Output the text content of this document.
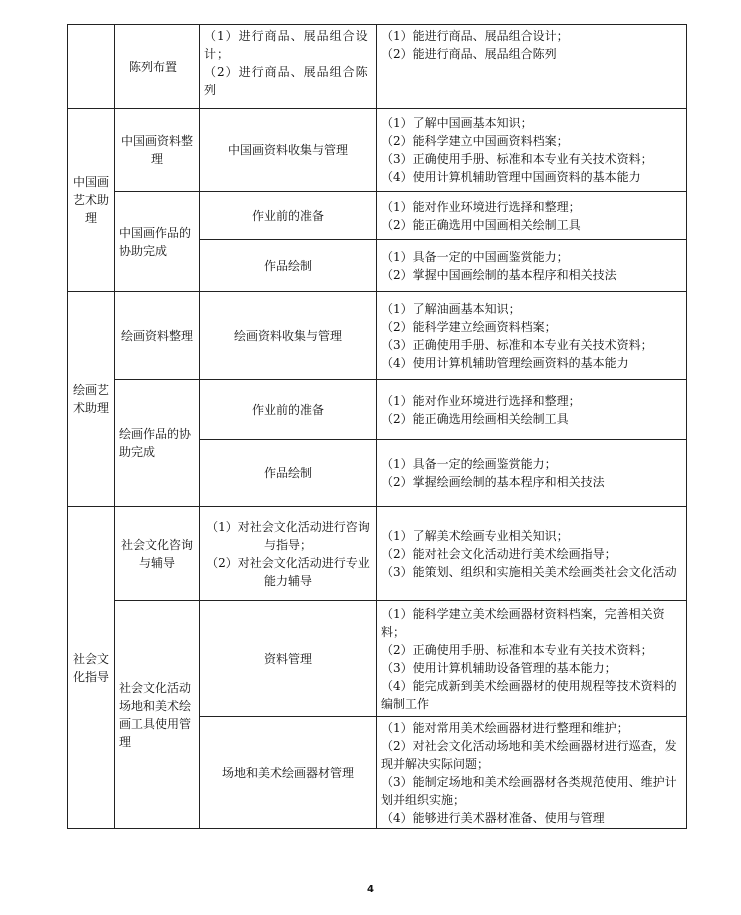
	陈列布置	（1）进行商品、展品组合设计；
（2）进行商品、展品组合陈列	（1）能进行商品、展品组合设计；
（2）能进行商品、展品组合陈列

中国画艺术助理	中国画资料整理	中国画资料收集与管理	（1）了解中国画基本知识；
（2）能科学建立中国画资料档案；
（3）正确使用手册、标准和本专业有关技术资料；
（4）使用计算机辅助管理中国画资料的基本能力

	中国画作品的协助完成	作业前的准备	（1）能对作业环境进行选择和整理；
（2）能正确选用中国画相关绘制工具

		作品绘制	（1）具备一定的中国画鉴赏能力；
（2）掌握中国画绘制的基本程序和相关技法

绘画艺术助理	绘画资料整理	绘画资料收集与管理	（1）了解油画基本知识；
（2）能科学建立绘画资料档案；
（3）正确使用手册、标准和本专业有关技术资料；
（4）使用计算机辅助管理绘画资料的基本能力

	绘画作品的协助完成	作业前的准备	（1）能对作业环境进行选择和整理；
（2）能正确选用绘画相关绘制工具

		作品绘制	（1）具备一定的绘画鉴赏能力；
（2）掌握绘画绘制的基本程序和相关技法

社会文化指导	社会文化咨询与辅导	（1）对社会文化活动进行咨询与指导；
（2）对社会文化活动进行专业能力辅导	（1）了解美术绘画专业相关知识；
（2）能对社会文化活动进行美术绘画指导；
（3）能策划、组织和实施相关美术绘画类社会文化活动

	社会文化活动场地和美术绘画工具使用管理	资料管理	（1）能科学建立美术绘画器材资料档案，完善相关资料；
（2）正确使用手册、标准和本专业有关技术资料；
（3）使用计算机辅助设备管理的基本能力；
（4）能完成新到美术绘画器材的使用规程等技术资料的编制工作

		场地和美术绘画器材管理	（1）能对常用美术绘画器材进行整理和维护；
（2）对社会文化活动场地和美术绘画器材进行巡查，发现并解决实际问题；
（3）能制定场地和美术绘画器材各类规范使用、维护计划并组织实施；
（4）能够进行美术器材准备、使用与管理
4
